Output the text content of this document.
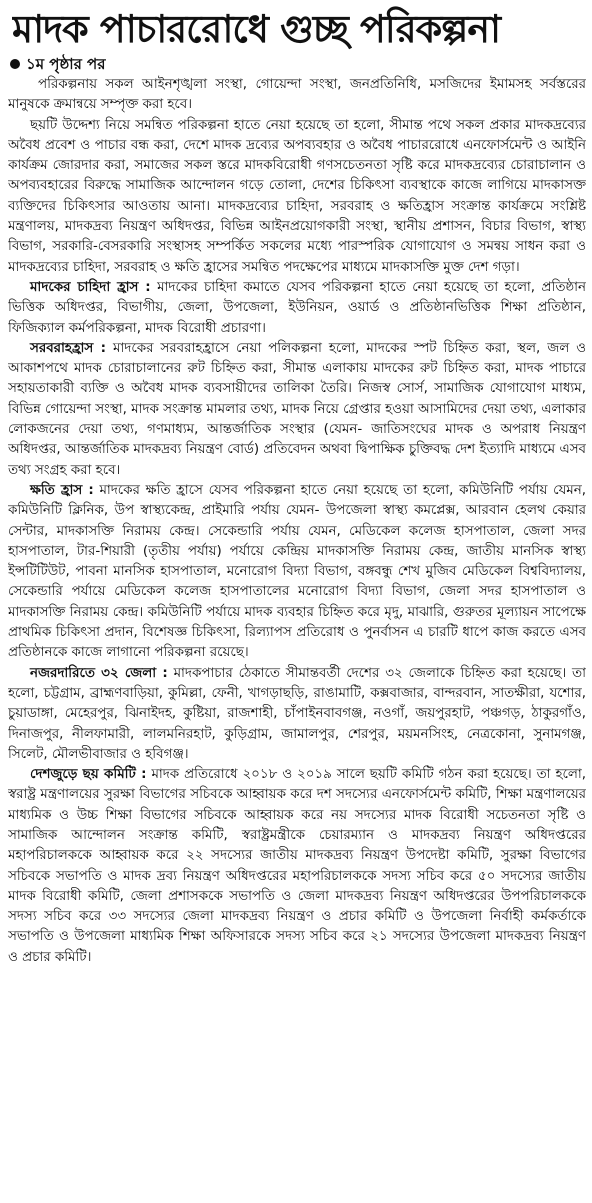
মাদক পাচাররোধে গুচ্ছ পরিকল্পনা
১ম পৃষ্ঠার পর

পরিকল্পনায় সকল আইনশৃঙ্খলা সংস্থা, গোয়েন্দা সংস্থা, জনপ্রতিনিধি, মসজিদের ইমামসহ সর্বস্তরের মানুষকে ক্রমান্বয়ে সম্পৃক্ত করা হবে।

ছয়টি উদ্দেশ্য নিয়ে সমন্বিত পরিকল্পনা হাতে নেয়া হয়েছে তা হলো, সীমান্ত পথে সকল প্রকার মাদকদ্রব্যের অবৈধ প্রবেশ ও পাচার বন্ধ করা, দেশে মাদক দ্রব্যের অপব্যবহার ও অবৈধ পাচাররোধে এনফোর্সমেন্ট ও আইনি কার্যক্রম জোরদার করা, সমাজের সকল স্তরে মাদকবিরোধী গণসচেতনতা সৃষ্টি করে মাদকদ্রব্যের চোরাচালান ও অপব্যবহারের বিরুদ্ধে সামাজিক আন্দোলন গড়ে তোলা, দেশের চিকিৎসা ব্যবস্থাকে কাজে লাগিয়ে মাদকাসক্ত ব্যক্তিদের চিকিৎসার আওতায় আনা। মাদকদ্রব্যের চাহিদা, সরবরাহ ও ক্ষতিহ্রাস সংক্রান্ত কার্যক্রমে সংশ্লিষ্ট মন্ত্রণালয়, মাদকদ্রব্য নিয়ন্ত্রণ অধিদপ্তর, বিভিন্ন আইনপ্রয়োগকারী সংস্থা, স্থানীয় প্রশাসন, বিচার বিভাগ, স্বাস্থ্য বিভাগ, সরকারি-বেসরকারি সংস্থাসহ সম্পর্কিত সকলের মধ্যে পারস্পরিক যোগাযোগ ও সমন্বয় সাধন করা ও মাদকদ্রব্যের চাহিদা, সরবরাহ ও ক্ষতি হ্রাসের সমন্বিত পদক্ষেপের মাধ্যমে মাদকাসক্তি মুক্ত দেশ গড়া।

মাদকের চাহিদা হ্রাস : মাদকের চাহিদা কমাতে যেসব পরিকল্পনা হাতে নেয়া হয়েছে তা হলো, প্রতিষ্ঠান ভিত্তিক অধিদপ্তর, বিভাগীয়, জেলা, উপজেলা, ইউনিয়ন, ওয়ার্ড ও প্রতিষ্ঠানভিত্তিক শিক্ষা প্রতিষ্ঠান, ফিজিক্যাল কর্মপরিকল্পনা, মাদক বিরোধী প্রচারণা।

সরবরাহহ্রাস : মাদকের সরবরাহহ্রাসে নেয়া পলিকল্পনা হলো, মাদকের স্পট চিহ্নিত করা, স্থল, জল ও আকাশপথে মাদক চোরাচালানের রুট চিহ্নিত করা, সীমান্ত এলাকায় মাদকের রুট চিহ্নিত করা, মাদক পাচারে সহায়তাকারী ব্যক্তি ও অবৈধ মাদক ব্যবসায়ীদের তালিকা তৈরি। নিজস্ব সোর্স, সামাজিক যোগাযোগ মাধ্যম, বিভিন্ন গোয়েন্দা সংস্থা, মাদক সংক্রান্ত মামলার তথ্য, মাদক নিয়ে গ্রেপ্তার হওয়া আসামিদের দেয়া তথ্য, এলাকার লোকজনের দেয়া তথ্য, গণমাধ্যম, আন্তর্জাতিক সংস্থার (যেমন- জাতিসংঘের মাদক ও অপরাধ নিয়ন্ত্রণ অধিদপ্তর, আন্তর্জাতিক মাদকদ্রব্য নিয়ন্ত্রণ বোর্ড) প্রতিবেদন অথবা দ্বিপাক্ষিক চুক্তিবদ্ধ দেশ ইত্যাদি মাধ্যমে এসব তথ্য সংগ্রহ করা হবে।

ক্ষতি হ্রাস : মাদকের ক্ষতি হ্রাসে যেসব পরিকল্পনা হাতে নেয়া হয়েছে তা হলো, কমিউনিটি পর্যায় যেমন, কমিউনিটি ক্লিনিক, উপ স্বাস্থ্যকেন্দ্র, প্রাইমারি পর্যায় যেমন- উপজেলা স্বাস্থ্য কমপ্লেক্স, আরবান হেলথ কেয়ার সেন্টার, মাদকাসক্তি নিরাময় কেন্দ্র। সেকেন্ডারি পর্যায় যেমন, মেডিকেল কলেজ হাসপাতাল, জেলা সদর হাসপাতাল, টার-শিয়ারী (তৃতীয় পর্যায়) পর্যায়ে কেন্দ্রিয় মাদকাসক্তি নিরাময় কেন্দ্র, জাতীয় মানসিক স্বাস্থ্য ইন্সটিটিউট, পাবনা মানসিক হাসপাতাল, মনোরোগ বিদ্যা বিভাগ, বঙ্গবন্ধু শেখ মুজিব মেডিকেল বিশ্ববিদ্যালয়, সেকেন্ডারি পর্যায়ে মেডিকেল কলেজ হাসপাতালের মনোরোগ বিদ্যা বিভাগ, জেলা সদর হাসপাতাল ও মাদকাসক্তি নিরাময় কেন্দ্র। কমিউনিটি পর্যায়ে মাদক ব্যবহার চিহ্নিত করে মৃদু, মাঝারি, গুরুতর মূল্যায়ন সাপেক্ষে প্রাথমিক চিকিৎসা প্রদান, বিশেষজ্ঞ চিকিৎসা, রিল্যাপস প্রতিরোধ ও পুনর্বাসন এ চারটি ধাপে কাজ করতে এসব প্রতিষ্ঠানকে কাজে লাগানো পরিকল্পনা রয়েছে।

নজরদারিতে ৩২ জেলা : মাদকপাচার ঠেকাতে সীমান্তবর্তী দেশের ৩২ জেলাকে চিহ্নিত করা হয়েছে। তা হলো, চট্টগ্রাম, ব্রাহ্মণবাড়িয়া, কুমিল্লা, ফেনী, খাগড়াছড়ি, রাঙামাটি, কক্সবাজার, বান্দরবান, সাতক্ষীরা, যশোর, চুয়াডাঙ্গা, মেহেরপুর, ঝিনাইদহ, কুষ্টিয়া, রাজশাহী, চাঁপাইনবাবগঞ্জ, নওগাঁ, জয়পুরহাট, পঞ্চগড়, ঠাকুরগাঁও, দিনাজপুর, নীলফামারী, লালমনিরহাট, কুড়িগ্রাম, জামালপুর, শেরপুর, ময়মনসিংহ, নেত্রকোনা, সুনামগঞ্জ, সিলেট, মৌলভীবাজার ও হবিগঞ্জ।

দেশজুড়ে ছয় কমিটি : মাদক প্রতিরোধে ২০১৮ ও ২০১৯ সালে ছয়টি কমিটি গঠন করা হয়েছে। তা হলো, স্বরাষ্ট্র মন্ত্রণালয়ের সুরক্ষা বিভাগের সচিবকে আহ্বায়ক করে দশ সদস্যের এনফোর্সমেন্ট কমিটি, শিক্ষা মন্ত্রণালয়ের মাধ্যমিক ও উচ্চ শিক্ষা বিভাগের সচিবকে আহ্বায়ক করে নয় সদস্যের মাদক বিরোধী সচেতনতা সৃষ্টি ও সামাজিক আন্দোলন সংক্রান্ত কমিটি, স্বরাষ্ট্রমন্ত্রীকে চেয়ারম্যান ও মাদকদ্রব্য নিয়ন্ত্রণ অধিদপ্তরের মহাপরিচালককে আহ্বায়ক করে ২২ সদস্যের জাতীয় মাদকদ্রব্য নিয়ন্ত্রণ উপদেষ্টা কমিটি, সুরক্ষা বিভাগের সচিবকে সভাপতি ও মাদক দ্রব্য নিয়ন্ত্রণ অধিদপ্তরের মহাপরিচালককে সদস্য সচিব করে ৫০ সদস্যের জাতীয় মাদক বিরোধী কমিটি, জেলা প্রশাসককে সভাপতি ও জেলা মাদকদ্রব্য নিয়ন্ত্রণ অধিদপ্তরের উপপরিচালককে সদস্য সচিব করে ৩৩ সদস্যের জেলা মাদকদ্রব্য নিয়ন্ত্রণ ও প্রচার কমিটি ও উপজেলা নির্বাহী কর্মকর্তাকে সভাপতি ও উপজেলা মাধ্যমিক শিক্ষা অফিসারকে সদস্য সচিব করে ২১ সদস্যের উপজেলা মাদকদ্রব্য নিয়ন্ত্রণ ও প্রচার কমিটি।
